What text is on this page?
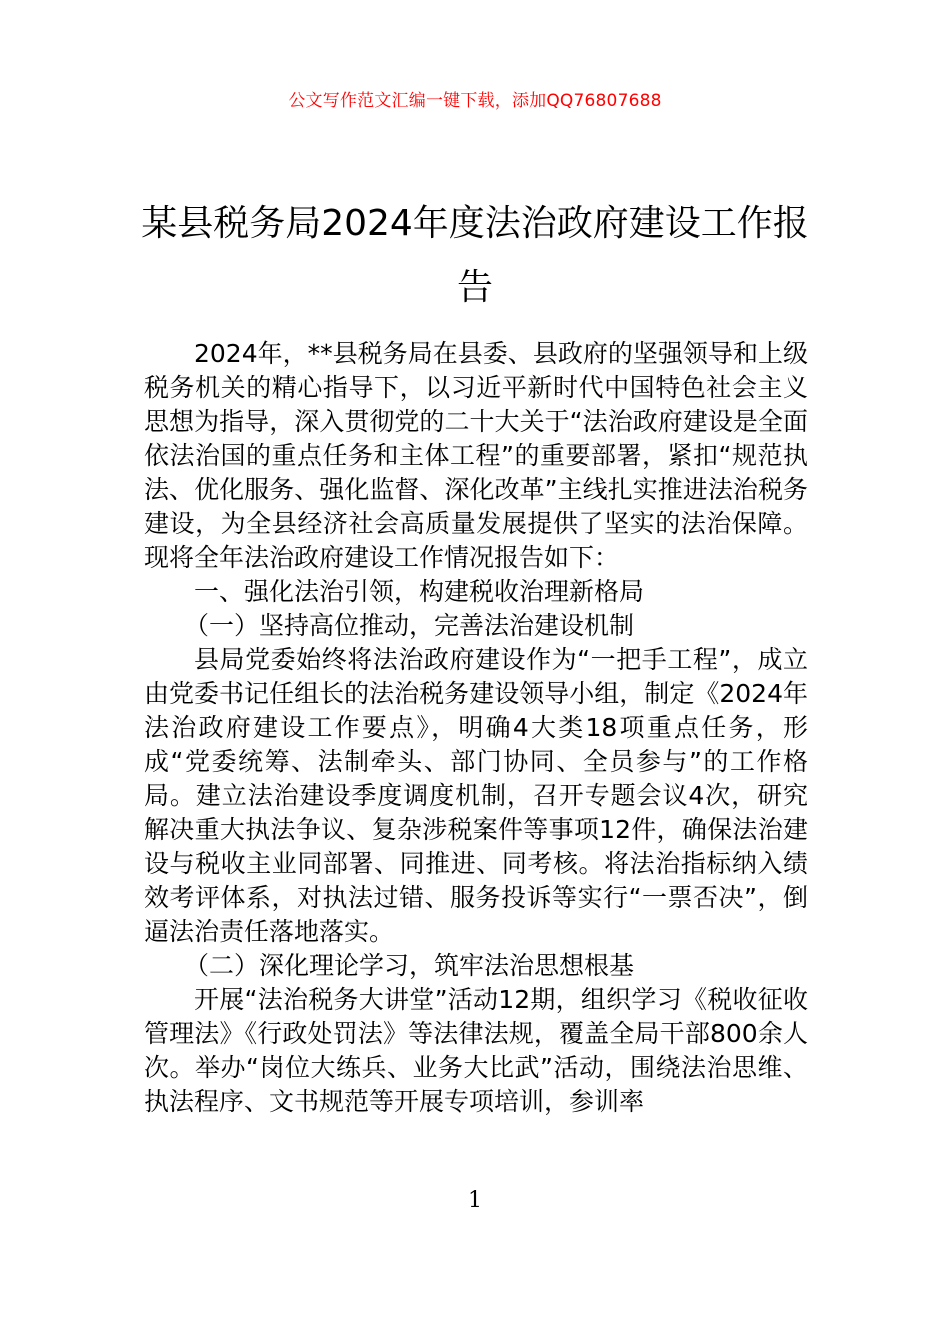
公文写作范文汇编一键下载，添加QQ76807688
某县税务局2024年度法治政府建设工作报告

2024年，**县税务局在县委、县政府的坚强领导和上级税务机关的精心指导下，以习近平新时代中国特色社会主义思想为指导，深入贯彻党的二十大关于“法治政府建设是全面依法治国的重点任务和主体工程”的重要部署，紧扣“规范执法、优化服务、强化监督、深化改革”主线扎实推进法治税务建设，为全县经济社会高质量发展提供了坚实的法治保障。现将全年法治政府建设工作情况报告如下：

一、强化法治引领，构建税收治理新格局

（一）坚持高位推动，完善法治建设机制

县局党委始终将法治政府建设作为“一把手工程”，成立由党委书记任组长的法治税务建设领导小组，制定《2024年法治政府建设工作要点》，明确4大类18项重点任务，形成“党委统筹、法制牵头、部门协同、全员参与”的工作格局。建立法治建设季度调度机制，召开专题会议4次，研究解决重大执法争议、复杂涉税案件等事项12件，确保法治建设与税收主业同部署、同推进、同考核。将法治指标纳入绩效考评体系，对执法过错、服务投诉等实行“一票否决”，倒逼法治责任落地落实。

（二）深化理论学习，筑牢法治思想根基

开展“法治税务大讲堂”活动12期，组织学习《税收征收管理法》《行政处罚法》等法律法规，覆盖全局干部800余人次。举办“岗位大练兵、业务大比武”活动，围绕法治思维、执法程序、文书规范等开展专项培训，参训率

1
